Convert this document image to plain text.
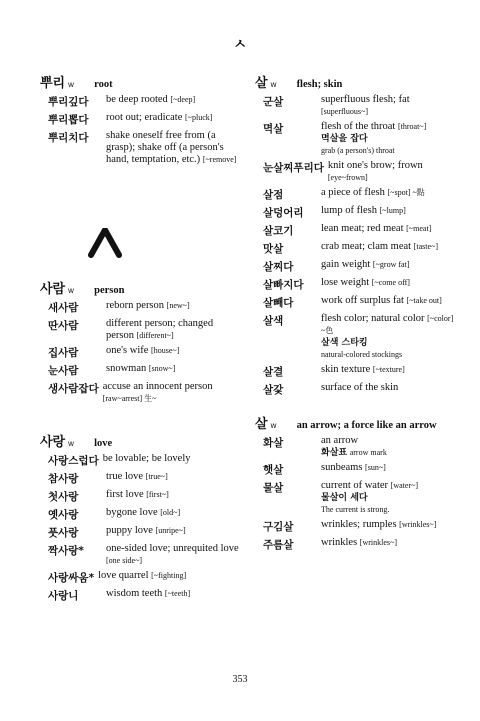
ㅅ
뿌리 w	root
뿌리깊다	be deep rooted [~deep]
뿌리뽑다	root out; eradicate [~pluck]
뿌리치다	shake oneself free from (a grasp); shake off (a person's hand, temptation, etc.) [~remove]
사람 w	person
새사람	reborn person [new~]
딴사람	different person; changed person [different~]
집사람	one's wife [house~]
눈사람	snowman [snow~]
생사람잡다 accuse an innocent person [raw~arrest] 生~
사랑 w	love
사랑스럽다 be lovable; be lovely
참사랑	true love [true~]
첫사랑	first love [first~]
옛사랑	bygone love [old~]
풋사랑	puppy love [unripe~]
짝사랑*	one-sided love; unrequited love [one side~]
사랑싸움* love quarrel [~fighting]
사랑니	wisdom teeth [~teeth]
살 w	flesh; skin
군살	superfluous flesh; fat [superfluous~]
멱살	flesh of the throat [throat~]
멱살을 잡다
grab (a person's) throat
눈살찌푸리다 knit one's brow; frown [eye~frown]
살점	a piece of flesh [~spot] ~點
살덩어리	lump of flesh [~lump]
살코기	lean meat; red meat [~meat]
맛살	crab meat; clam meat [taste~]
살찌다	gain weight [~grow fat]
살빠지다	lose weight [~come off]
살빼다	work off surplus fat [~take out]
살색	flesh color; natural color [~color] ~色
살색 스타킹
natural-colored stockings
살결	skin texture [~texture]
살갗	surface of the skin
살 w	an arrow; a force like an arrow
화살	an arrow
화살표 arrow mark
햇살	sunbeams [sun~]
물살	current of water [water~]
물살이 세다
The current is strong.
구김살	wrinkles; rumples [wrinkles~]
주름살	wrinkles [wrinkles~]
353
